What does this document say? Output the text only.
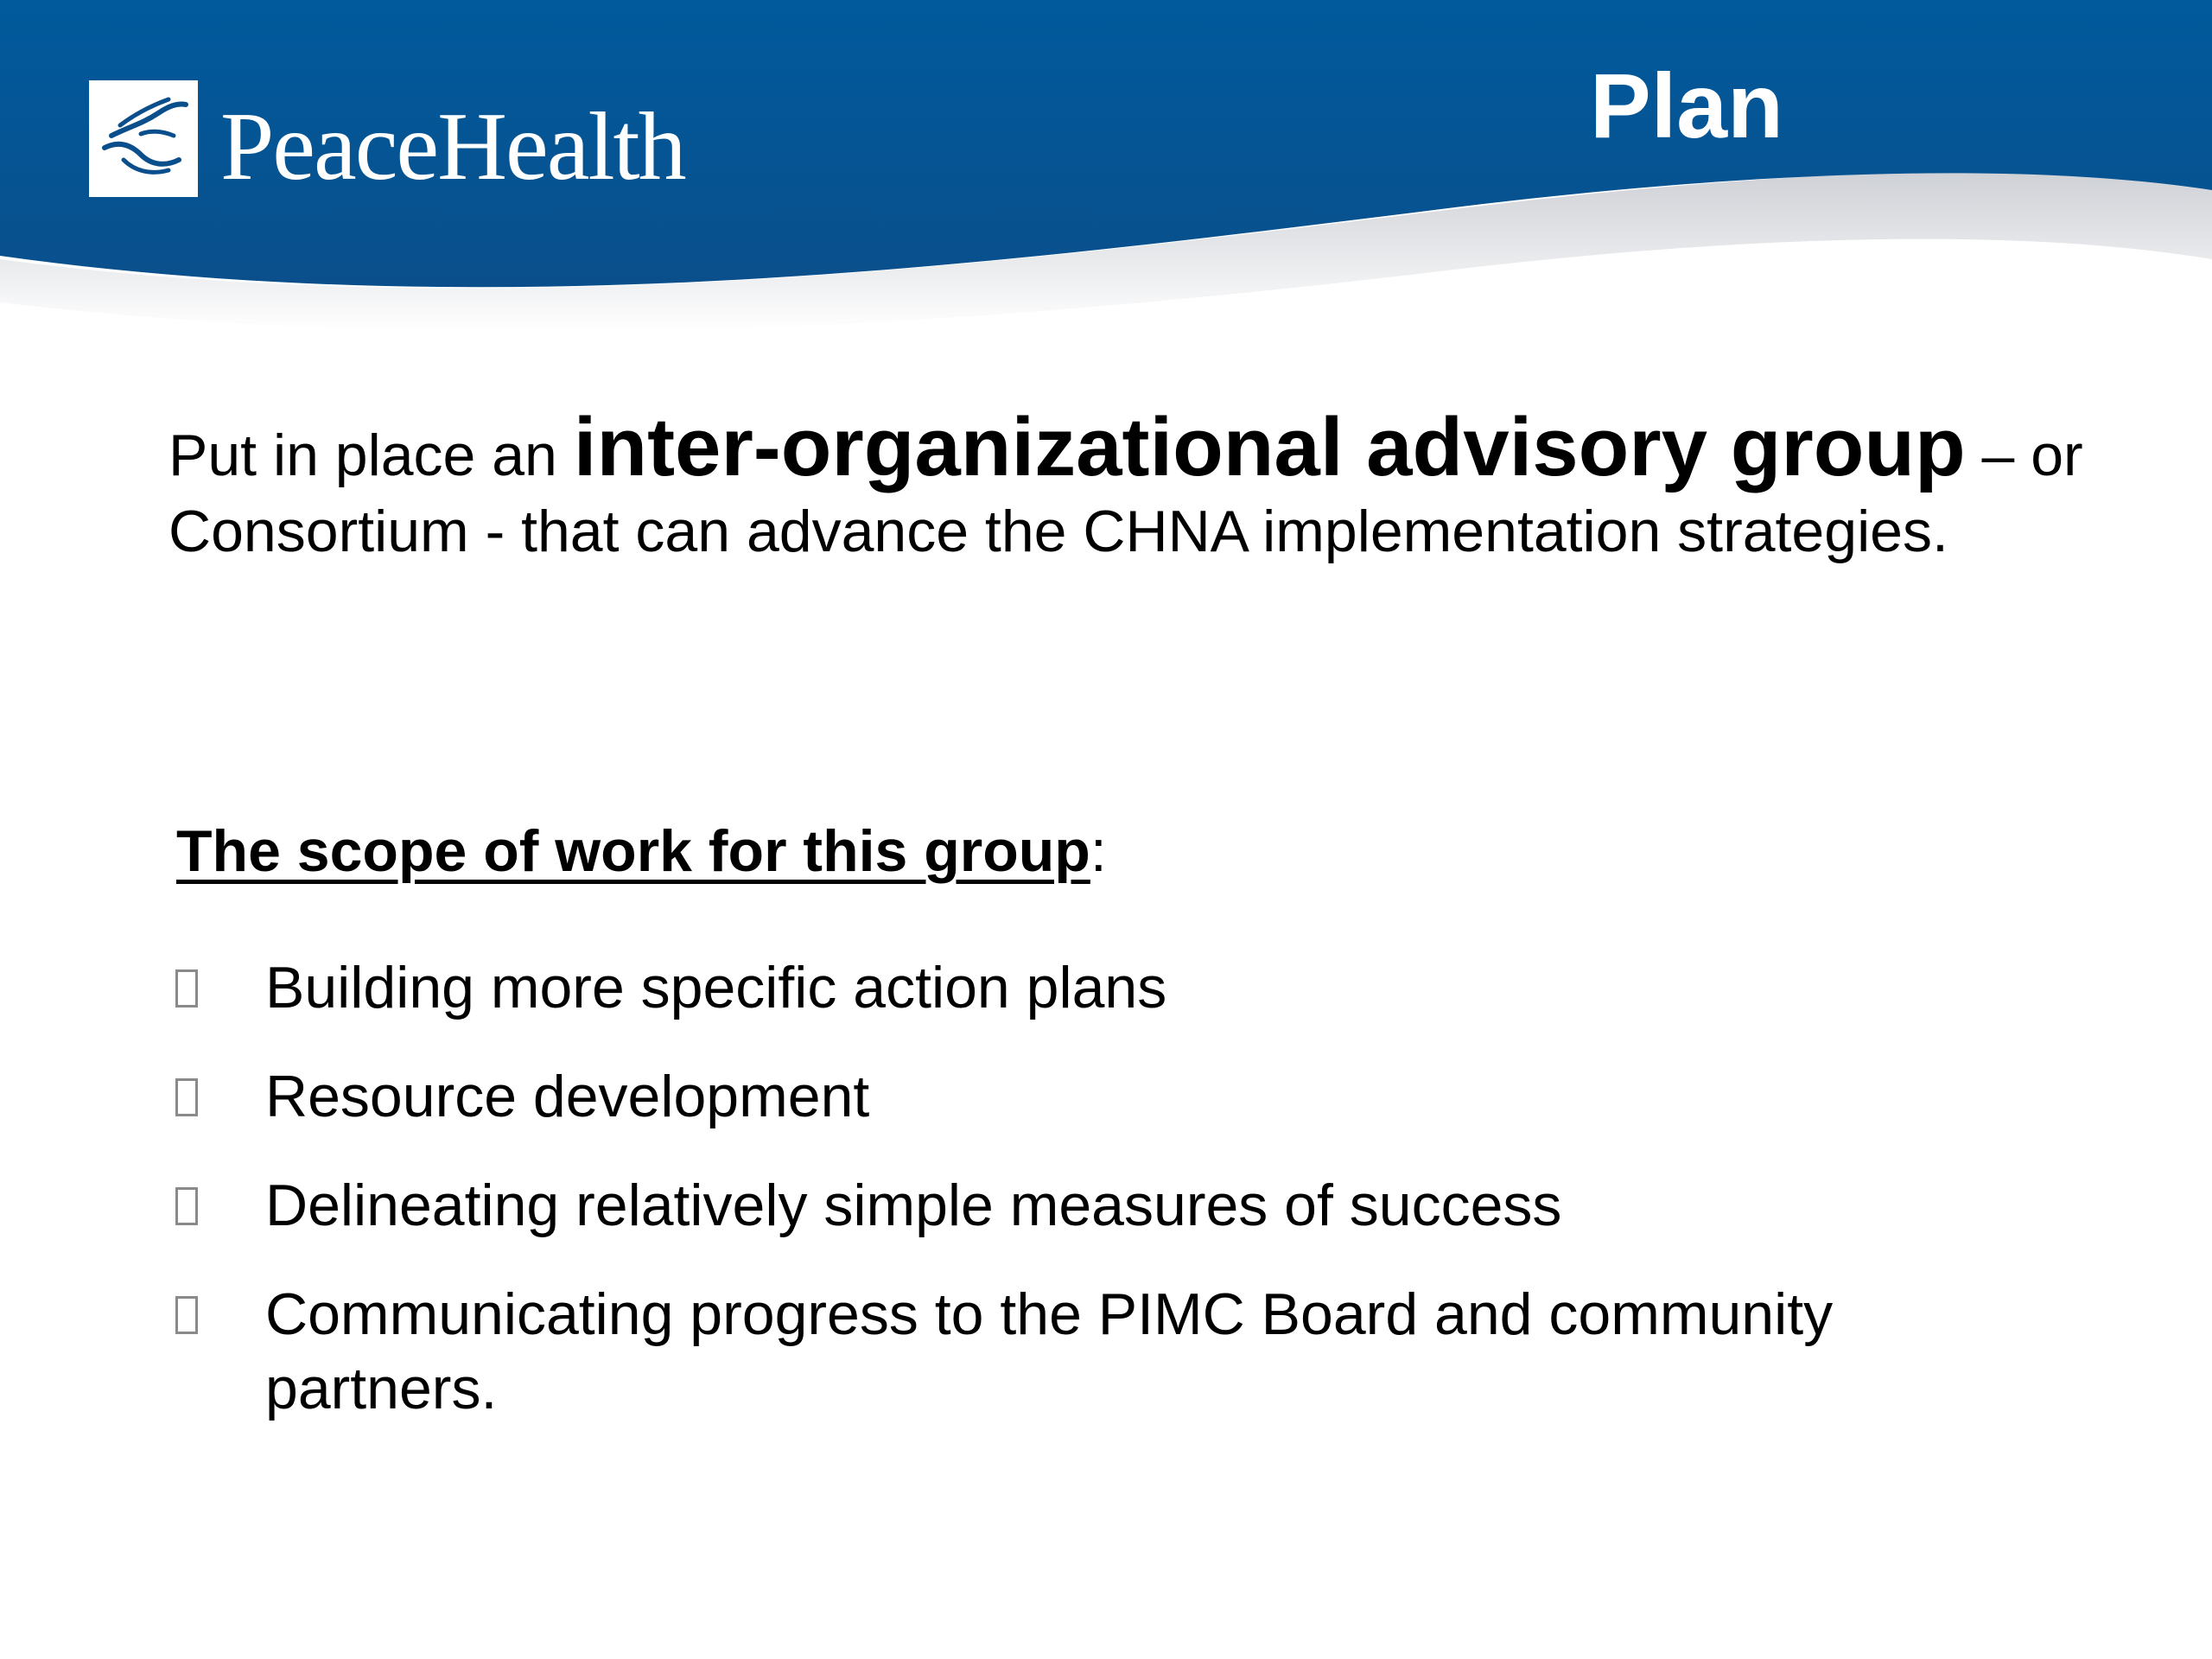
PeaceHealth	Plan
Put in place an inter-organizational advisory group – or Consortium - that can advance the CHNA implementation strategies.
The scope of work for this group:
Building more specific action plans
Resource development
Delineating relatively simple measures of success
Communicating progress to the PIMC Board and community partners.
